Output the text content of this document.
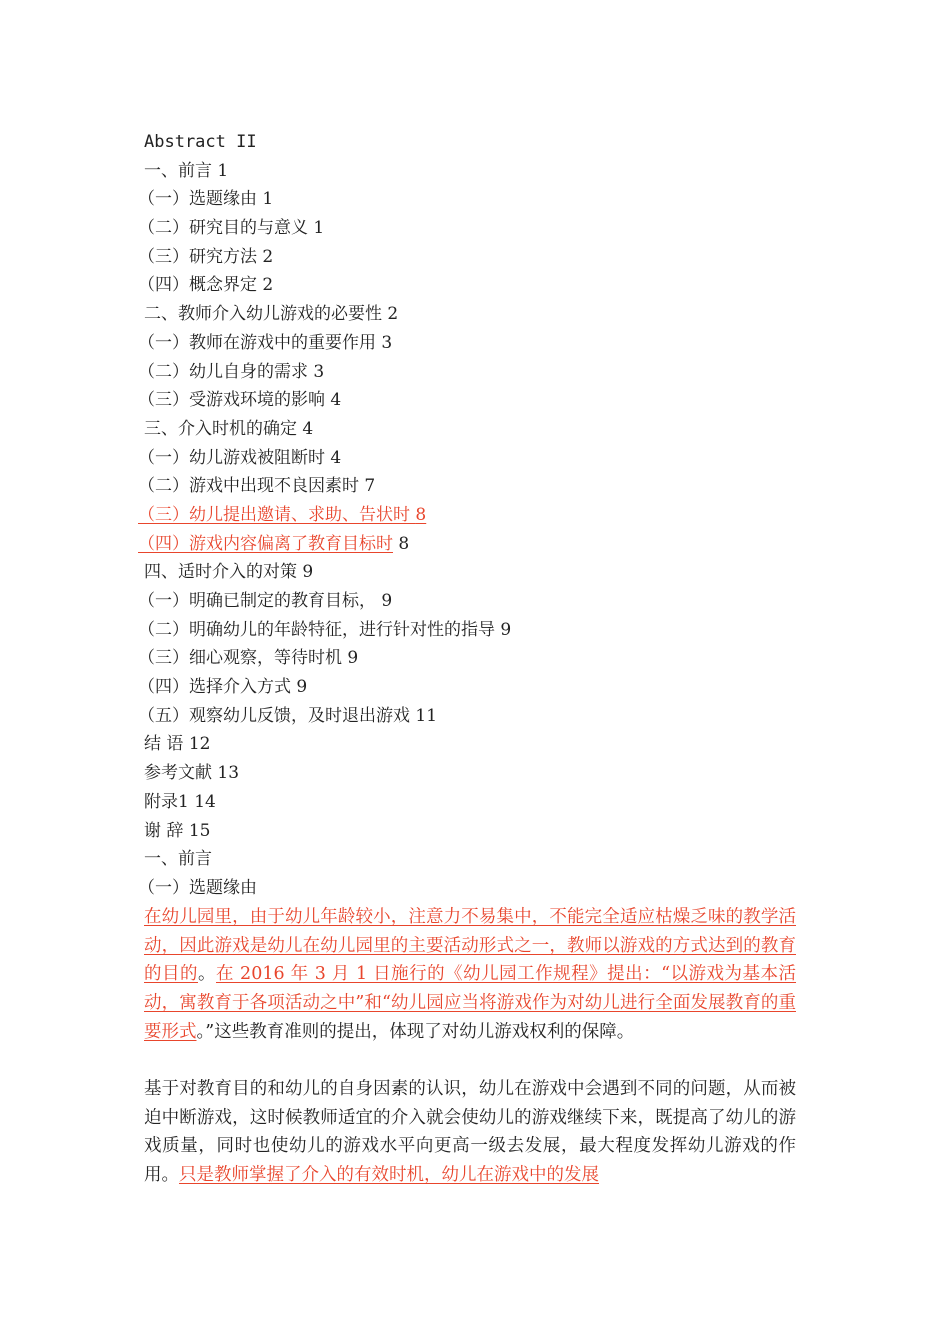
Abstract II
一、前言 1
（一）选题缘由 1
（二）研究目的与意义 1
（三）研究方法 2
（四）概念界定 2
二、教师介入幼儿游戏的必要性 2
（一）教师在游戏中的重要作用 3
（二）幼儿自身的需求 3
（三）受游戏环境的影响 4
三、介入时机的确定 4
（一）幼儿游戏被阻断时 4
（二）游戏中出现不良因素时 7
（三）幼儿提出邀请、求助、告状时 8
（四）游戏内容偏离了教育目标时 8
四、适时介入的对策 9
（一）明确已制定的教育目标， 9
（二）明确幼儿的年龄特征，进行针对性的指导 9
（三）细心观察，等待时机 9
（四）选择介入方式 9
（五）观察幼儿反馈，及时退出游戏 11
结 语 12
参考文献 13
附录1 14
谢 辞 15
一、前言
（一）选题缘由

在幼儿园里，由于幼儿年龄较小，注意力不易集中，不能完全适应枯燥乏味的教学活动，因此游戏是幼儿在幼儿园里的主要活动形式之一，教师以游戏的方式达到的教育的目的。在 2016 年 3 月 1 日施行的《幼儿园工作规程》提出：“以游戏为基本活动，寓教育于各项活动之中”和“幼儿园应当将游戏作为对幼儿进行全面发展教育的重要形式。”这些教育准则的提出，体现了对幼儿游戏权利的保障。

基于对教育目的和幼儿的自身因素的认识，幼儿在游戏中会遇到不同的问题，从而被迫中断游戏，这时候教师适宜的介入就会使幼儿的游戏继续下来，既提高了幼儿的游戏质量，同时也使幼儿的游戏水平向更高一级去发展，最大程度发挥幼儿游戏的作用。只是教师掌握了介入的有效时机，幼儿在游戏中的发展
